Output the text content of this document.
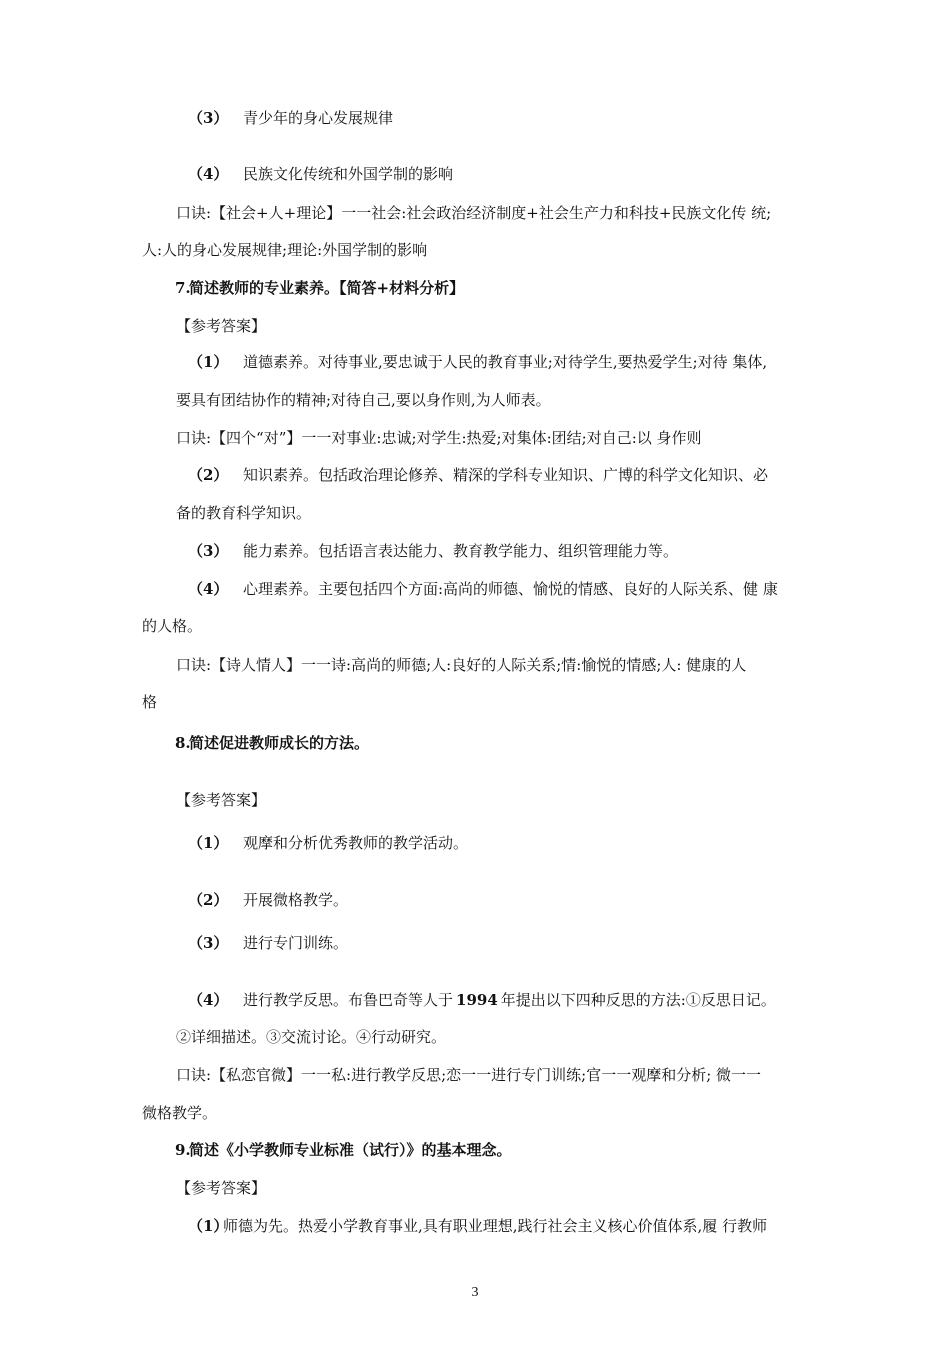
（3） 青少年的身心发展规律
（4） 民族文化传统和外国学制的影响
口诀:【社会+人+理论】一一社会:社会政治经济制度+社会生产力和科技+民族文化传 统;
人:人的身心发展规律;理论:外国学制的影响
7.
简述教师的专业素养。【简答+材料分析】
【参考答案】
（1） 道德素养。对待事业,要忠诚于人民的教育事业;对待学生,要热爱学生;对待 集体,
要具有团结协作的精神;对待自己,要以身作则,为人师表。
口诀:【四个“对”】一一对事业:忠诚;对学生:热爱;对集体:团结;对自己:以 身作则
（2） 知识素养。包括政治理论修养、精深的学科专业知识、广博的科学文化知识、必
备的教育科学知识。
（3） 能力素养。包括语言表达能力、教育教学能力、组织管理能力等。
（4） 心理素养。主要包括四个方面:高尚的师德、愉悦的情感、良好的人际关系、健 康
的人格。
口诀:【诗人情人】一一诗:高尚的师德;人:良好的人际关系;情:愉悦的情感;人: 健康的人
格
8.
简述促进教师成长的方法。
【参考答案】
（1） 观摩和分析优秀教师的教学活动。
（2） 开展微格教学。
（3） 进行专门训练。
（4） 进行教学反思。布鲁巴奇等人于 1994 年提出以下四种反思的方法:①反思日记。
②详细描述。③交流讨论。④行动研究。
口诀:【私恋官微】一一私:进行教学反思;恋一一进行专门训练;官一一观摩和分析; 微一一
微格教学。
9.
简述《小学教师专业标准（试行）》的基本理念。
【参考答案】
（1）
师德为先。热爱小学教育事业,具有职业理想,践行社会主义核心价值体系,履 行教师
3
